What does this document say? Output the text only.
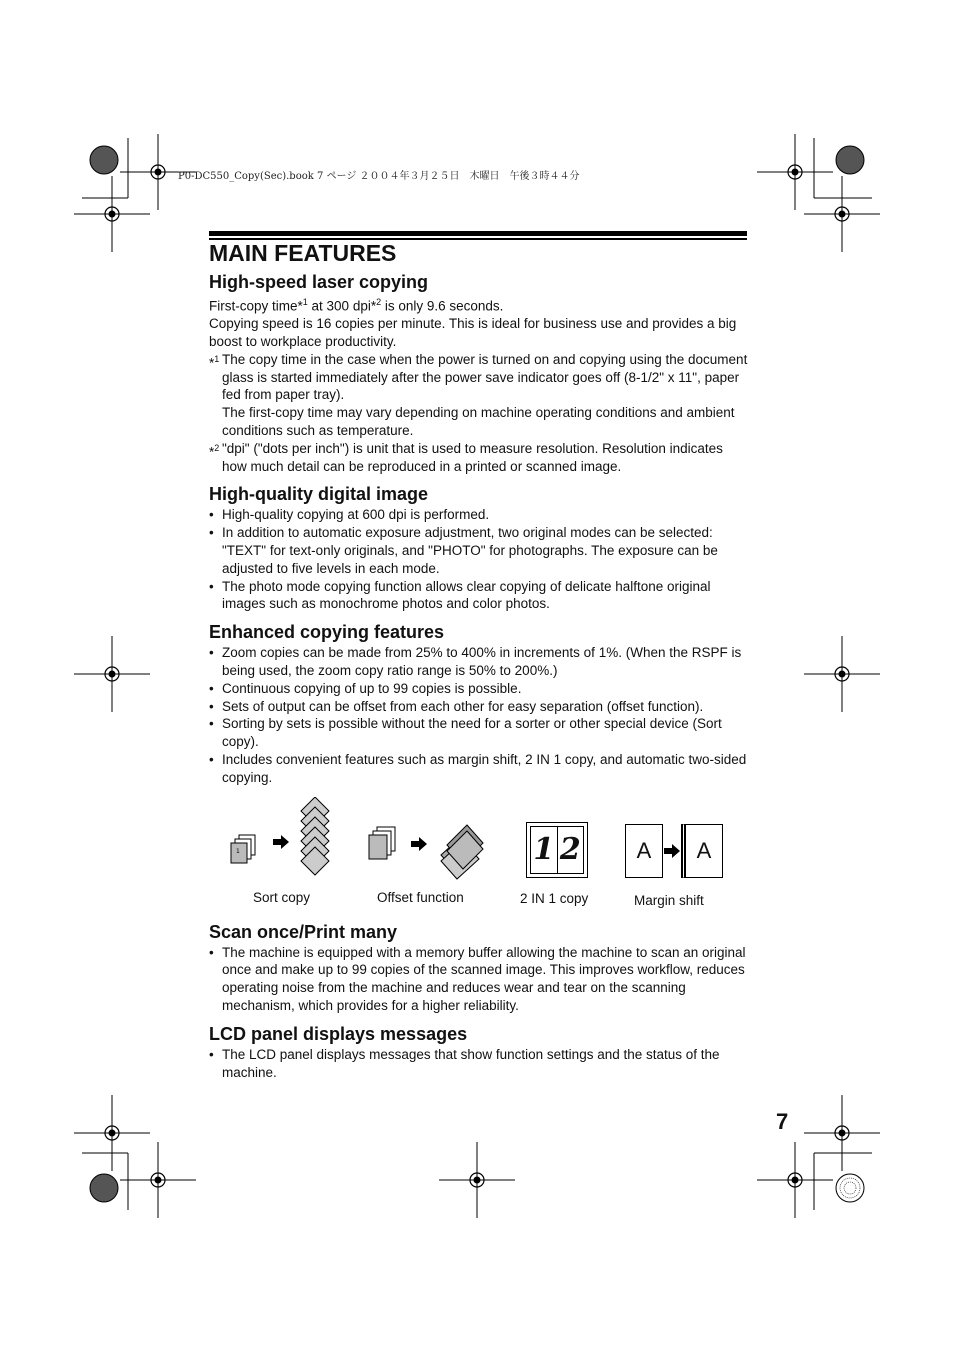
P0-DC550_Copy(Sec).book 7 ページ ２００４年３月２５日　木曜日　午後３時４４分
MAIN FEATURES
High-speed laser copying

First-copy time*$^1$ at 300 dpi*$^2$ is only 9.6 seconds.

Copying speed is 16 copies per minute. This is ideal for business use and provides a big boost to workplace productivity.

*$^1$ The copy time in the case when the power is turned on and copying using the document glass is started immediately after the power save indicator goes off (8-1/2" x 11", paper fed from paper tray).
The first-copy time may vary depending on machine operating conditions and ambient conditions such as temperature.
*$^2$ "dpi" ("dots per inch") is unit that is used to measure resolution. Resolution indicates how much detail can be reproduced in a printed or scanned image.
High-quality digital image
• High-quality copying at 600 dpi is performed.
• In addition to automatic exposure adjustment, two original modes can be selected: "TEXT" for text-only originals, and "PHOTO" for photographs. The exposure can be adjusted to five levels in each mode.
• The photo mode copying function allows clear copying of delicate halftone original images such as monochrome photos and color photos.
Enhanced copying features
• Zoom copies can be made from 25% to 400% in increments of 1%. (When the RSPF is being used, the zoom copy ratio range is 50% to 200%.)
• Continuous copying of up to 99 copies is possible.
• Sets of output can be offset from each other for easy separation (offset function).
• Sorting by sets is possible without the need for a sorter or other special device (Sort copy).
• Includes convenient features such as margin shift, 2 IN 1 copy, and automatic two-sided copying.
1
Sort copy	Offset function
1 2
2 IN 1 copy
A	A
Margin shift
Scan once/Print many
• The machine is equipped with a memory buffer allowing the machine to scan an original once and make up to 99 copies of the scanned image. This improves workflow, reduces operating noise from the machine and reduces wear and tear on the scanning mechanism, which provides for a higher reliability.
LCD panel displays messages
• The LCD panel displays messages that show function settings and the status of the machine.
7
